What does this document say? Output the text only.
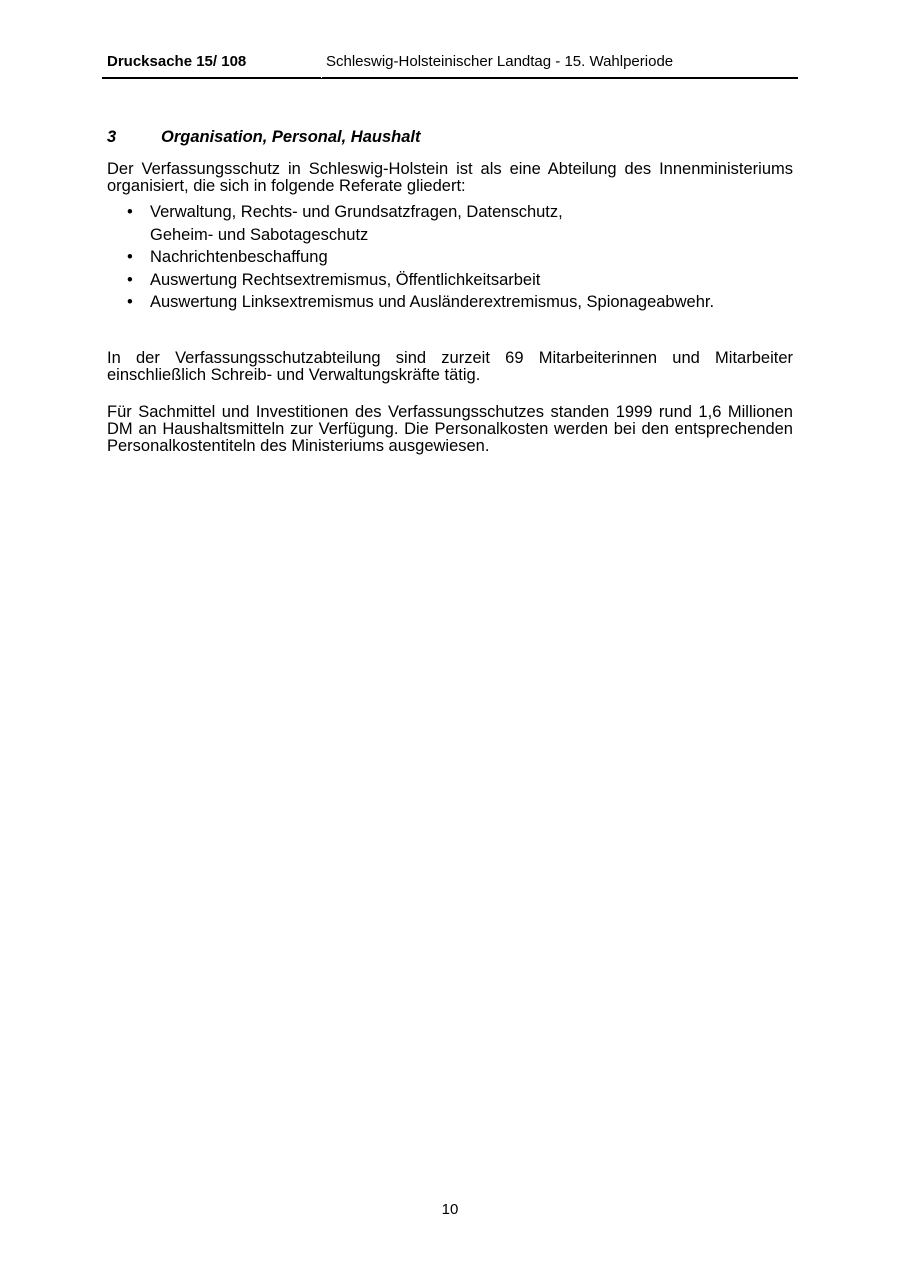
Drucksache 15/ 108	Schleswig-Holsteinischer Landtag - 15. Wahlperiode
3	Organisation, Personal, Haushalt

Der Verfassungsschutz in Schleswig-Holstein ist als eine Abteilung des Innenministeriums organisiert, die sich in folgende Referate gliedert:

• Verwaltung, Rechts- und Grundsatzfragen, Datenschutz,
Geheim- und Sabotageschutz
• Nachrichtenbeschaffung
• Auswertung Rechtsextremismus, Öffentlichkeitsarbeit
• Auswertung Linksextremismus und Ausländerextremismus, Spionageabwehr.

In der Verfassungsschutzabteilung sind zurzeit 69 Mitarbeiterinnen und Mitarbeiter einschließlich Schreib- und Verwaltungskräfte tätig.

Für Sachmittel und Investitionen des Verfassungsschutzes standen 1999 rund 1,6 Millionen DM an Haushaltsmitteln zur Verfügung. Die Personalkosten werden bei den entsprechenden Personalkostentiteln des Ministeriums ausgewiesen.

10
